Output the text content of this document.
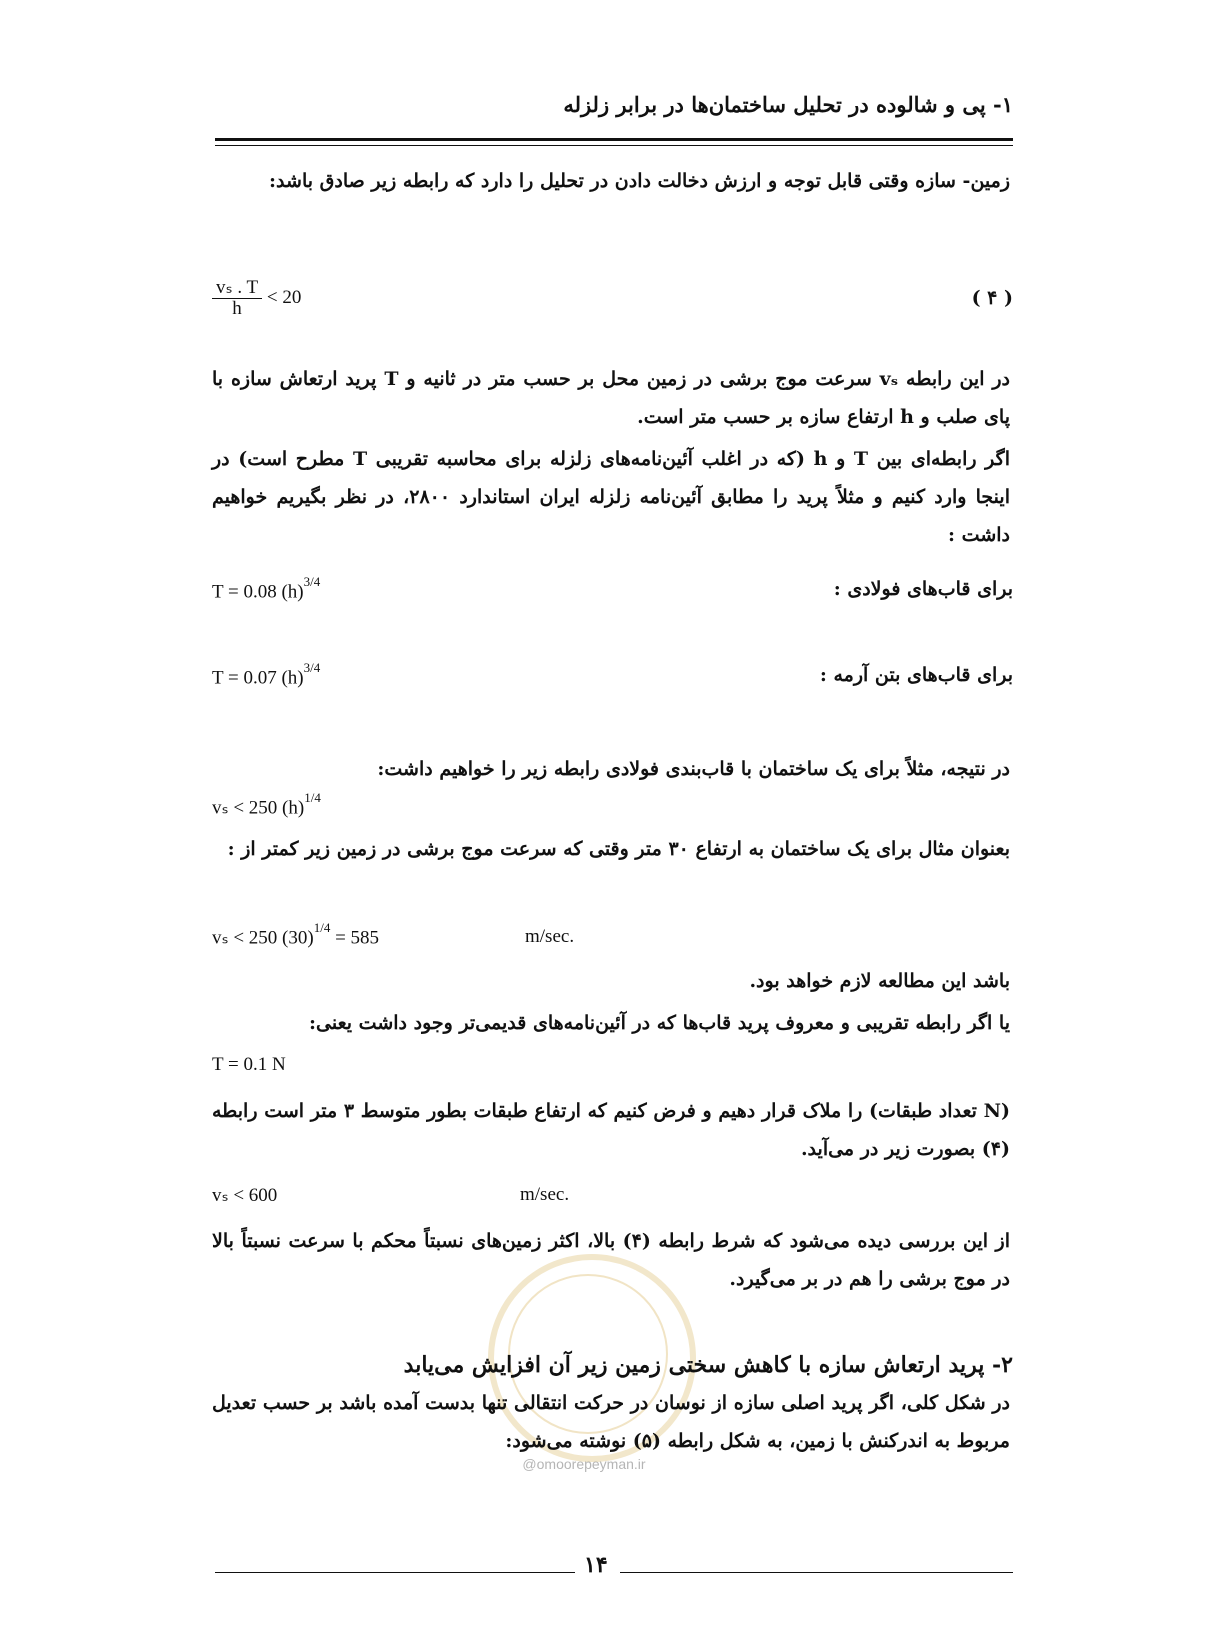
۱- پی و شالوده در تحلیل ساختمان‌ها در برابر زلزله
زمین- سازه وقتی قابل توجه و ارزش دخالت دادن در تحلیل را دارد که رابطه زیر صادق باشد:
$\frac{\text{vₛ . T}}{h} < 20$	( ۴ )
در این رابطه vₛ سرعت موج برشی در زمین محل بر حسب متر در ثانیه و T پرید ارتعاش سازه با پای صلب و h ارتفاع سازه بر حسب متر است.
اگر رابطه‌ای بین T و h (که در اغلب آئین‌نامه‌های زلزله برای محاسبه تقریبی T مطرح است) در اینجا وارد کنیم و مثلاً پرید را مطابق آئین‌نامه زلزله ایران استاندارد ۲۸۰۰، در نظر بگیریم خواهیم داشت :
T = 0.08 $(h)^{3/4}$	برای قاب‌های فولادی :
T = 0.07 $(h)^{3/4}$	برای قاب‌های بتن آرمه :
در نتیجه، مثلاً برای یک ساختمان با قاب‌بندی فولادی رابطه زیر را خواهیم داشت:
vₛ < 250 $(h)^{1/4}$
بعنوان مثال برای یک ساختمان به ارتفاع ۳۰ متر وقتی که سرعت موج برشی در زمین زیر کمتر از :
vₛ < 250 $(30)^{1/4} = 585$	m/sec.
باشد این مطالعه لازم خواهد بود.
یا اگر رابطه تقریبی و معروف پرید قاب‌ها که در آئین‌نامه‌های قدیمی‌تر وجود داشت یعنی:
T = 0.1 N
(N تعداد طبقات) را ملاک قرار دهیم و فرض کنیم که ارتفاع طبقات بطور متوسط ۳ متر است رابطه (۴) بصورت زیر در می‌آید.
vₛ < 600	m/sec.
از این بررسی دیده می‌شود که شرط رابطه (۴) بالا، اکثر زمین‌های نسبتاً محکم با سرعت نسبتاً بالا در موج برشی را هم در بر می‌گیرد.
۲- پرید ارتعاش سازه با کاهش سختی زمین زیر آن افزایش می‌یابد
در شکل کلی، اگر پرید اصلی سازه از نوسان در حرکت انتقالی تنها بدست آمده باشد بر حسب تعدیل مربوط به اندرکنش با زمین، به شکل رابطه (۵) نوشته می‌شود:
@omoorepeyman.ir
۱۴
